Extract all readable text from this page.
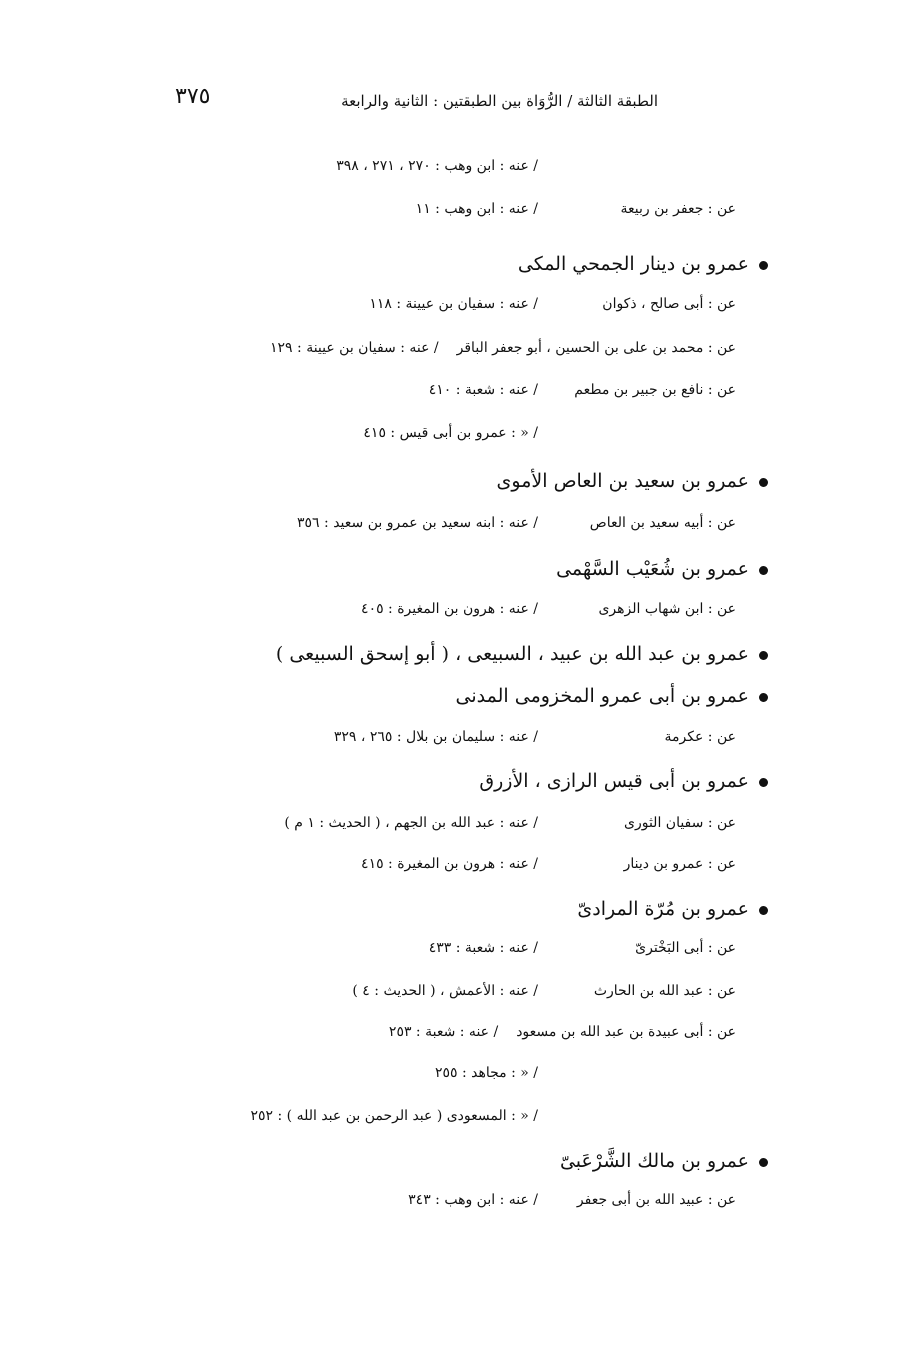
٣٧٥	الطبقة الثالثة / الرُّوَاة بين الطبقتين : الثانية والرابعة
/ عنه : ابن وهب : ٢٧٠ ، ٢٧١ ، ٣٩٨
عن : جعفر بن ربيعة
/ عنه : ابن وهب : ١١
عمرو بن دينار الجمحي المكى
عن : أبى صالح ، ذكوان
/ عنه : سفيان بن عيينة : ١١٨
عن : محمد بن على بن الحسين ، أبو جعفر الباقر
/ عنه : سفيان بن عيينة : ١٢٩
عن : نافع بن جبير بن مطعم
/ عنه : شعبة : ٤١٠
/ « : عمرو بن أبى قيس : ٤١٥
عمرو بن سعيد بن العاص الأموى
عن : أبيه سعيد بن العاص
/ عنه : ابنه سعيد بن عمرو بن سعيد : ٣٥٦
عمرو بن شُعَيْب السَّهْمى
عن : ابن شهاب الزهرى
/ عنه : هرون بن المغيرة : ٤٠٥
عمرو بن عبد الله بن عبيد ، السبيعى ، ( أبو إسحق السبيعى )
عمرو بن أبى عمرو المخزومى المدنى
عن : عكرمة
/ عنه : سليمان بن بلال : ٢٦٥ ، ٣٢٩
عمرو بن أبى قيس الرازى ، الأزرق
عن : سفيان الثورى
/ عنه : عبد الله بن الجهم ، ( الحديث : ١ م )
عن : عمرو بن دينار
/ عنه : هرون بن المغيرة : ٤١٥
عمرو بن مُرّة المرادىّ
عن : أبى البَخْترىّ
/ عنه : شعبة : ٤٣٣
عن : عبد الله بن الحارث
/ عنه : الأعمش ، ( الحديث : ٤ )
عن : أبى عبيدة بن عبد الله بن مسعود
/ عنه : شعبة : ٢٥٣
/ « : مجاهد : ٢٥٥
/ « : المسعودى ( عبد الرحمن بن عبد الله ) : ٢٥٢
عمرو بن مالك الشَّرْعَبىّ
عن : عبيد الله بن أبى جعفر
/ عنه : ابن وهب : ٣٤٣
